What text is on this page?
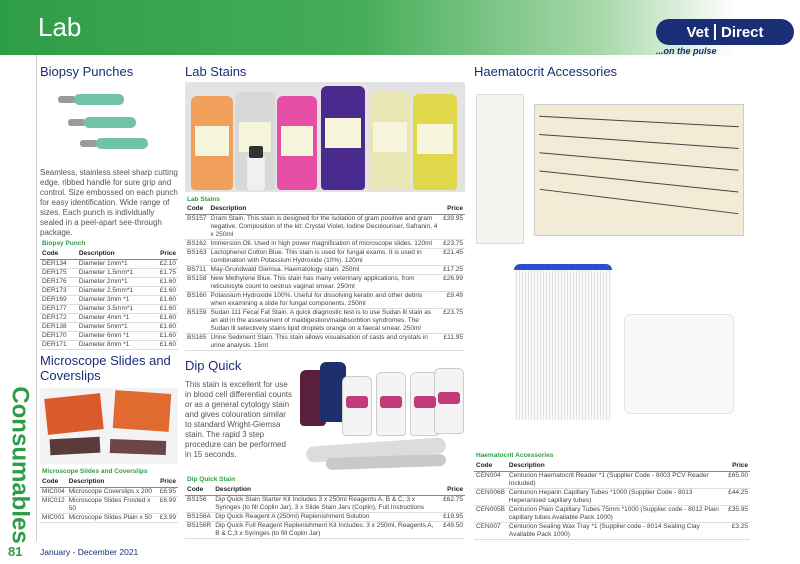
Lab	Vet Direct
...on the pulse
Consumables
81 January - December 2021
Biopsy Punches
Seamless, stainless steel sharp cutting edge, ribbed handle for sure grip and control. Size embossed on each punch for easy identification. Wide range of sizes. Each punch is individually sealed in a peel-apart see-through package.
Biopsy Punch
Code	Description	Price
DER134	Diameter 1mm*1	£2.10
DER175	Diameter 1.5mm*1	£1.75
DER176	Diameter 2mm*1	£1.60
DER173	Diameter 2.5mm*1	£1.60
DER169	Diameter 3mm *1	£1.60
DER177	Diameter 3.5mm*1	£1.60
DER172	Diameter 4mm *1	£1.60
DER138	Diameter 5mm*1	£1.60
DER170	Diameter 6mm *1	£1.60
DER171	Diameter 8mm *1	£1.60
Microscope Slides and Coverslips
Microscope Slides and Coverslips
Code	Description	Price
MIC004	Microscope Coverslips x 200	£6.95
MIC012	Microscope Slides Frosted x 50	£6.99
MIC001	Microscope Slides Plain x 50	£3.99
Lab Stains
Lab Stains
Code	Description	Price
BS157	Gram Stain. This stain is designed for the isolation of gram positive and gram negative. Composition of the kit: Crystal Violet, Iodine Decolouriser, Safranin, 4 x 250ml	£39.95
BS162	Immersion Oil. Used in high power magnification of microscope slides. 120ml	£23.75
BS163	Lactophenol Cotton Blue. This stain is used for fungal exams. It is used in combination with Potassium Hydroxide (10%). 120ml	£21.45
BS711	May-Grundwald Giemsa. Haematology stain. 250ml	£17.25
BS158	New Methylene Blue. This stain has many veterinary applications, from reticulocyte count to oestrus vaginal smear. 250ml	£26.99
BS160	Potassium Hydroxide 100%. Useful for dissolving keratin and other debris when examining a slide for fungal components. 250ml	£9.49
BS159	Sudan 111 Fecal Fat Stain. A quick diagnostic test is to use Sudan lll stain as an aid in the assessment of maldigestion/malabsorbtion syndromes. The Sudan lll selectively stains lipid droplets orange on a faecal smear. 250ml	£23.75
BS165	Urine Sediment Stain. This stain allows visualisation of casts and crystals in urine analysis. 15ml	£11.95
Dip Quick
This stain is excellent for use in blood cell differential counts or as a general cytology stain and gives colouration similar to standard Wright-Giemsa stain. The rapid 3 step procedure can be performed in 15 seconds.
Dip Quick Stain
Code	Description	Price
BS156	Dip Quick Stain Starter Kit Includes 3 x 250ml Reagents A, B & C, 3 x Syringes (to fill Coplin Jar), 3 x Slide Stain Jars (Coplin), Full Instructions	£62.75
BS156A	Dip Quick Reagent A (250ml) Replenishment Solution	£19.95
BS156R	Dip Quick Full Reagent Replenishment Kit Includes: 3 x 250ml, Reagents A, B & C,3 x Syringes (to fill Coplin Jar)	£49.50
Haematocrit Accessories
Haematocrit Accessories
Code	Description	Price
CEN004	Centurion Haematocrit Reader *1 (Supplier Code - 8003 PCV Reader Included)	£65.00
CEN006B	Centurion Heparin Capillary Tubes *1000 (Supplier Code - 8013 Heperanised capillary tubes)	£44.25
CEN005B	Centurion Plain Capillary Tubes 75mm *1000 (Supplier code - 8012 Plain capillary tubes Available Pack 1000)	£35.95
CEN007	Centurion Sealing Wax Tray *1 (Supplier code - 8014 Sealing Clay Available Pack 1000)	£3.25
